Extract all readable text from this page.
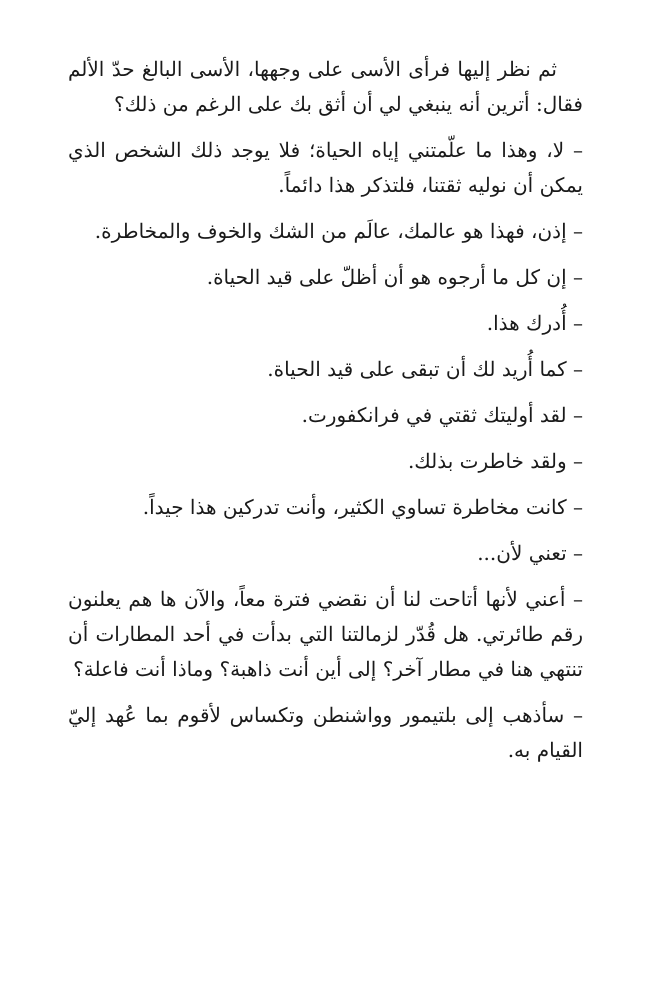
ثم نظر إليها فرأى الأسى على وجهها، الأسى البالغ حدّ الألم فقال: أترين أنه ينبغي لي أن أثق بك على الرغم من ذلك؟

– لا، وهذا ما علّمتني إياه الحياة؛ فلا يوجد ذلك الشخص الذي يمكن أن نوليه ثقتنا، فلتذكر هذا دائماً.

– إذن، فهذا هو عالمك، عالَم من الشك والخوف والمخاطرة.

– إن كل ما أرجوه هو أن أظلّ على قيد الحياة.

– أُدرك هذا.

– كما أُريد لك أن تبقى على قيد الحياة.

– لقد أوليتك ثقتي في فرانكفورت.

– ولقد خاطرت بذلك.

– كانت مخاطرة تساوي الكثير، وأنت تدركين هذا جيداً.

– تعني لأن...

– أعني لأنها أتاحت لنا أن نقضي فترة معاً، والآن ها هم يعلنون رقم طائرتي. هل قُدّر لزمالتنا التي بدأت في أحد المطارات أن تنتهي هنا في مطار آخر؟ إلى أين أنت ذاهبة؟ وماذا أنت فاعلة؟

– سأذهب إلى بلتيمور وواشنطن وتكساس لأقوم بما عُهد إليّ القيام به.
